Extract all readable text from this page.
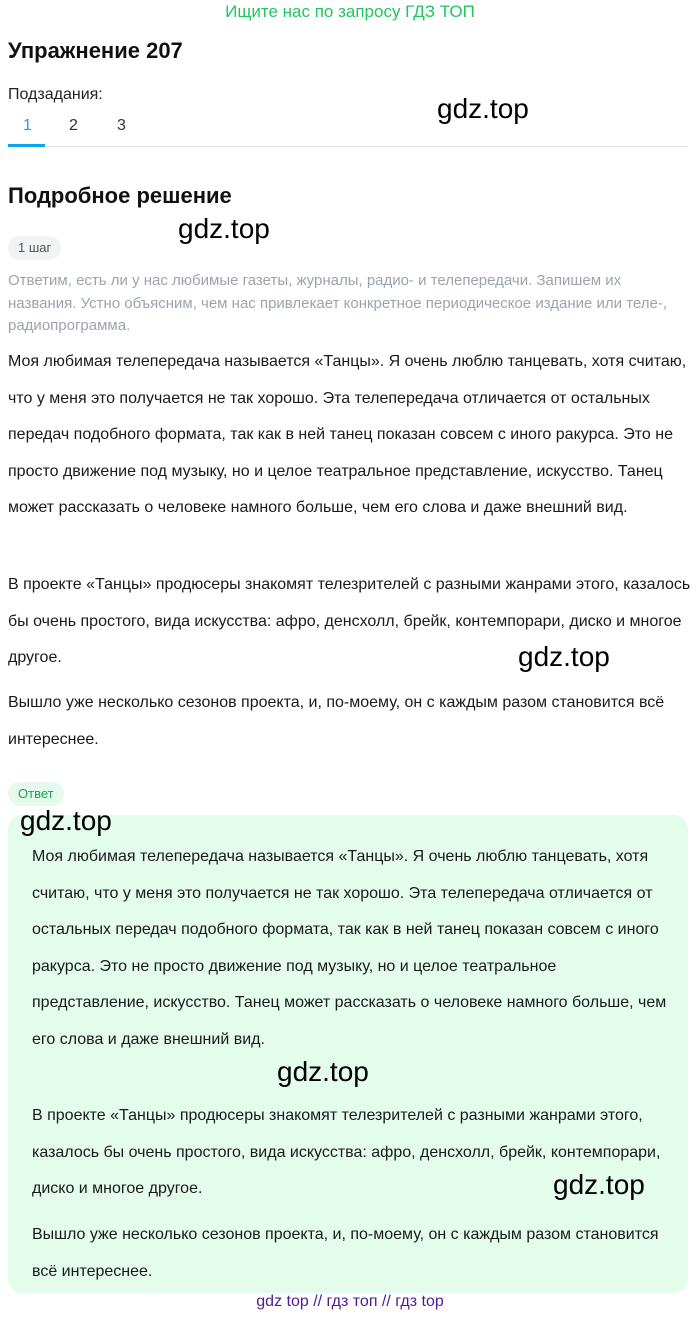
Ищите нас по запросу ГДЗ ТОП
Упражнение 207
Подзадания:
1 2 3
Подробное решение
1 шаг

Ответим, есть ли у нас любимые газеты, журналы, радио- и телепередачи. Запишем их названия. Устно объясним, чем нас привлекает конкретное периодическое издание или теле-, радиопрограмма.

Моя любимая телепередача называется «Танцы». Я очень люблю танцевать, хотя считаю, что у меня это получается не так хорошо. Эта телепередача отличается от остальных передач подобного формата, так как в ней танец показан совсем с иного ракурса. Это не просто движение под музыку, но и целое театральное представление, искусство. Танец может рассказать о человеке намного больше, чем его слова и даже внешний вид.

В проекте «Танцы» продюсеры знакомят телезрителей с разными жанрами этого, казалось бы очень простого, вида искусства: афро, денсхолл, брейк, контемпорари, диско и многое другое.

Вышло уже несколько сезонов проекта, и, по-моему, он с каждым разом становится всё интереснее.

Ответ

Моя любимая телепередача называется «Танцы». Я очень люблю танцевать, хотя считаю, что у меня это получается не так хорошо. Эта телепередача отличается от остальных передач подобного формата, так как в ней танец показан совсем с иного ракурса. Это не просто движение под музыку, но и целое театральное представление, искусство. Танец может рассказать о человеке намного больше, чем его слова и даже внешний вид.

В проекте «Танцы» продюсеры знакомят телезрителей с разными жанрами этого, казалось бы очень простого, вида искусства: афро, денсхолл, брейк, контемпорари, диско и многое другое.

Вышло уже несколько сезонов проекта, и, по-моему, он с каждым разом становится всё интереснее.

gdz.top
gdz.top
gdz.top
gdz.top
gdz.top
gdz.top
gdz top // гдз топ // гдз top
